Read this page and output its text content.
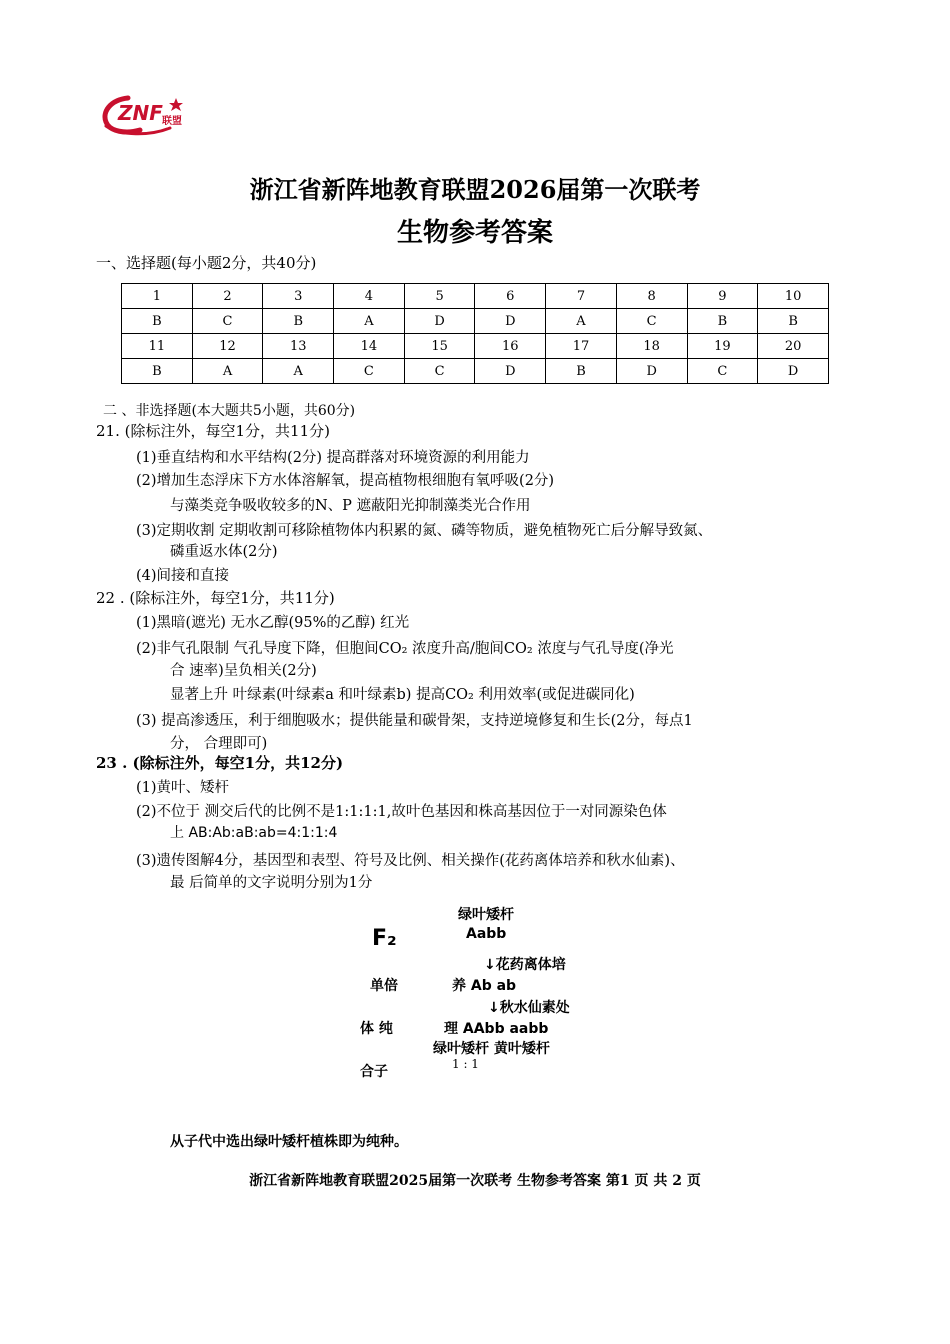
ZNF 联盟
浙江省新阵地教育联盟2026届第一次联考
生物参考答案
一、选择题(每小题2分，共40分)
1	2	3	4	5	6	7	8	9	10
B	C	B	A	D	D	A	C	B	B
11	12	13	14	15	16	17	18	19	20
B	A	A	C	C	D	B	D	C	D
二 、非选择题(本大题共5小题，共60分)
21. (除标注外，每空1分，共11分)
(1)垂直结构和水平结构(2分) 提高群落对环境资源的利用能力
(2)增加生态浮床下方水体溶解氧，提高植物根细胞有氧呼吸(2分)
与藻类竞争吸收较多的N、P 遮蔽阳光抑制藻类光合作用
(3)定期收割 定期收割可移除植物体内积累的氮、磷等物质，避免植物死亡后分解导致氮、
磷重返水体(2分)
(4)间接和直接
22 . (除标注外，每空1分，共11分)
(1)黑暗(遮光) 无水乙醇(95%的乙醇) 红光
(2)非气孔限制 气孔导度下降，但胞间CO₂ 浓度升高/胞间CO₂ 浓度与气孔导度(净光
合 速率)呈负相关(2分)
显著上升 叶绿素(叶绿素a 和叶绿素b) 提高CO₂ 利用效率(或促进碳同化)
(3) 提高渗透压，利于细胞吸水；提供能量和碳骨架，支持逆境修复和生长(2分，每点1
分， 合理即可)
23 . (除标注外，每空1分，共12分)
(1)黄叶、矮杆
(2)不位于 测交后代的比例不是1:1:1:1,故叶色基因和株高基因位于一对同源染色体
上 AB:Ab:aB:ab=4:1:1:4
(3)遗传图解4分，基因型和表型、符号及比例、相关操作(花药离体培养和秋水仙素)、
最 后简单的文字说明分别为1分
绿叶矮杆
Aabb
F₂
↓花药离体培
单倍	养 Ab ab
↓秋水仙素处
体 纯	理 AAbb aabb
绿叶矮杆 黄叶矮杆
合子	1 : 1
从子代中选出绿叶矮杆植株即为纯种。
浙江省新阵地教育联盟2025届第一次联考 生物参考答案 第1 页 共 2 页
